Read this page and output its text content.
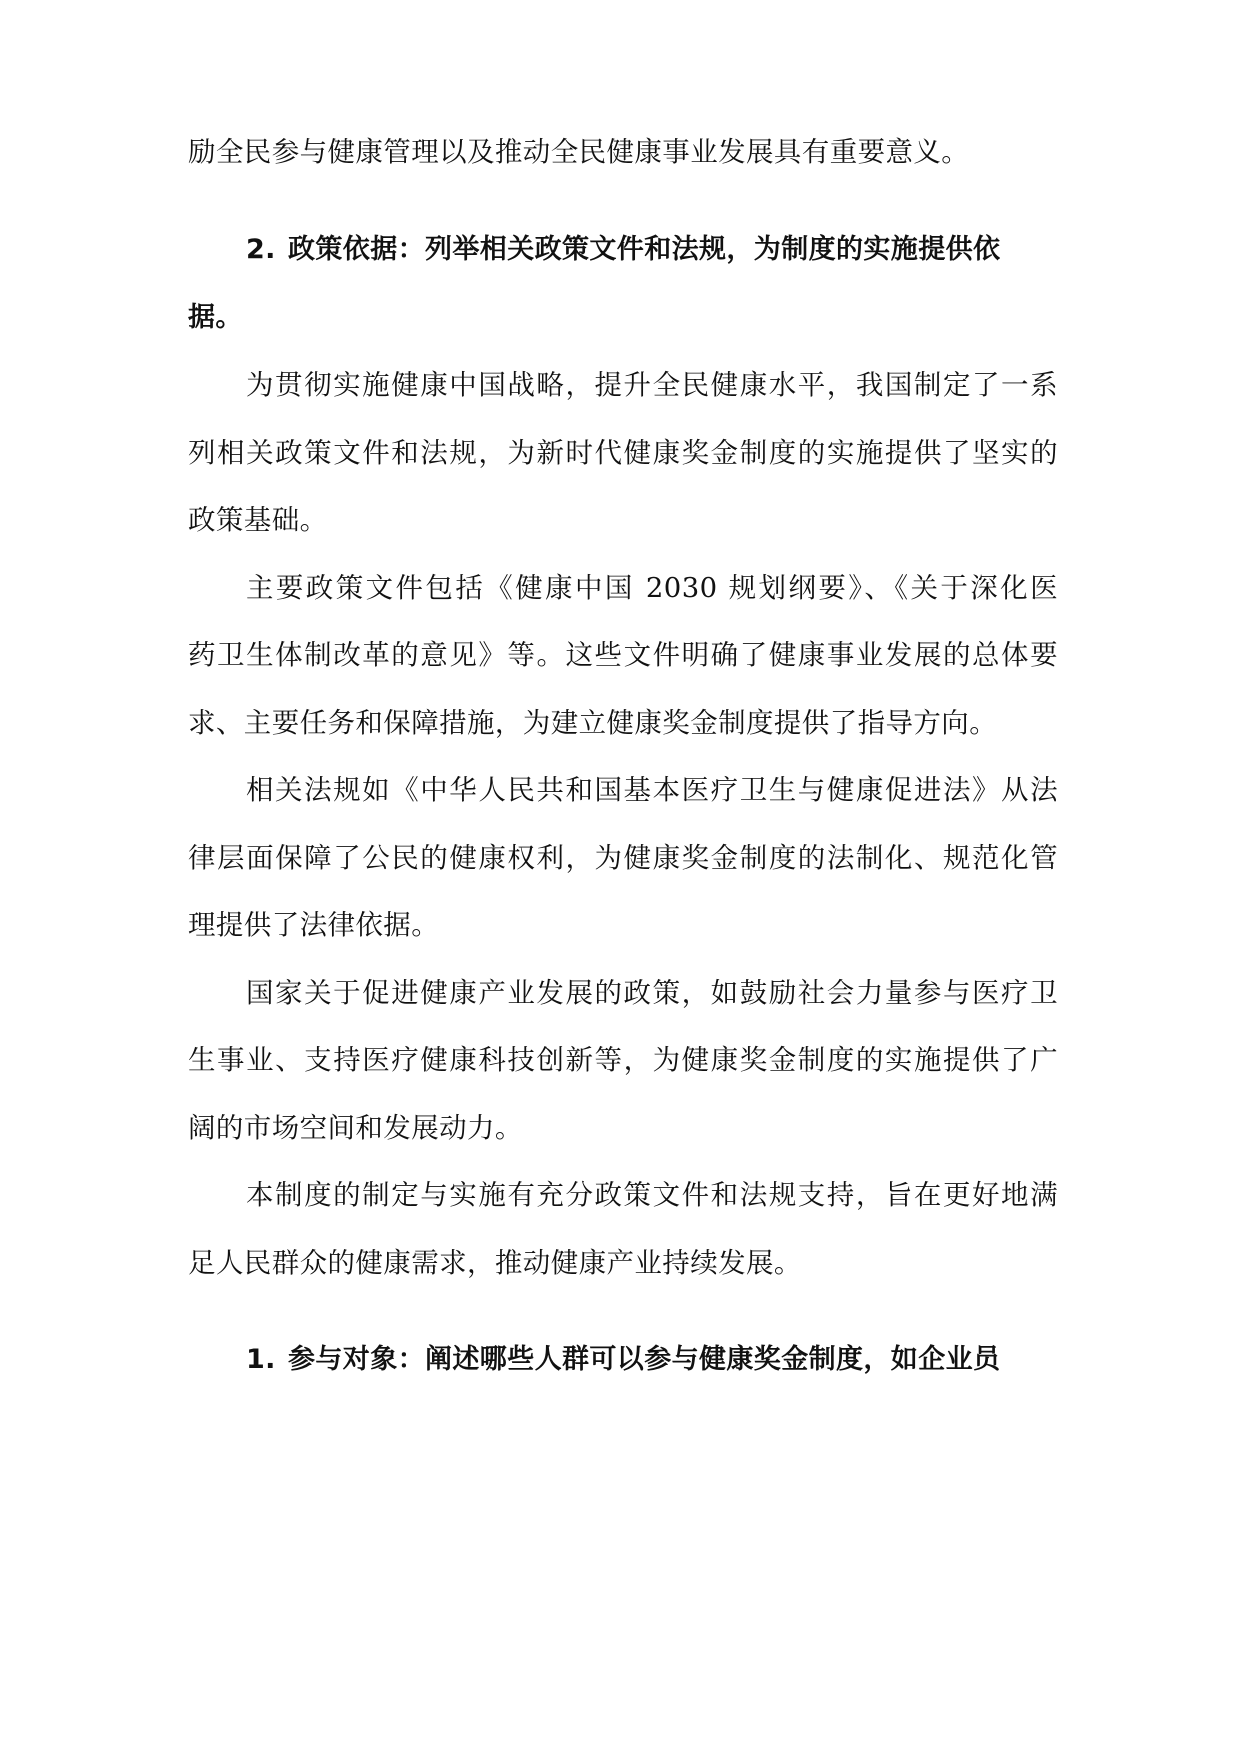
励全民参与健康管理以及推动全民健康事业发展具有重要意义。
2. 政策依据：列举相关政策文件和法规，为制度的实施提供依
据。
为贯彻实施健康中国战略，提升全民健康水平，我国制定了一系
列相关政策文件和法规，为新时代健康奖金制度的实施提供了坚实的
政策基础。
主要政策文件包括《健康中国 2030 规划纲要》、《关于深化医
药卫生体制改革的意见》等。这些文件明确了健康事业发展的总体要
求、主要任务和保障措施，为建立健康奖金制度提供了指导方向。
相关法规如《中华人民共和国基本医疗卫生与健康促进法》从法
律层面保障了公民的健康权利，为健康奖金制度的法制化、规范化管
理提供了法律依据。
国家关于促进健康产业发展的政策，如鼓励社会力量参与医疗卫
生事业、支持医疗健康科技创新等，为健康奖金制度的实施提供了广
阔的市场空间和发展动力。
本制度的制定与实施有充分政策文件和法规支持，旨在更好地满
足人民群众的健康需求，推动健康产业持续发展。
1. 参与对象：阐述哪些人群可以参与健康奖金制度，如企业员
